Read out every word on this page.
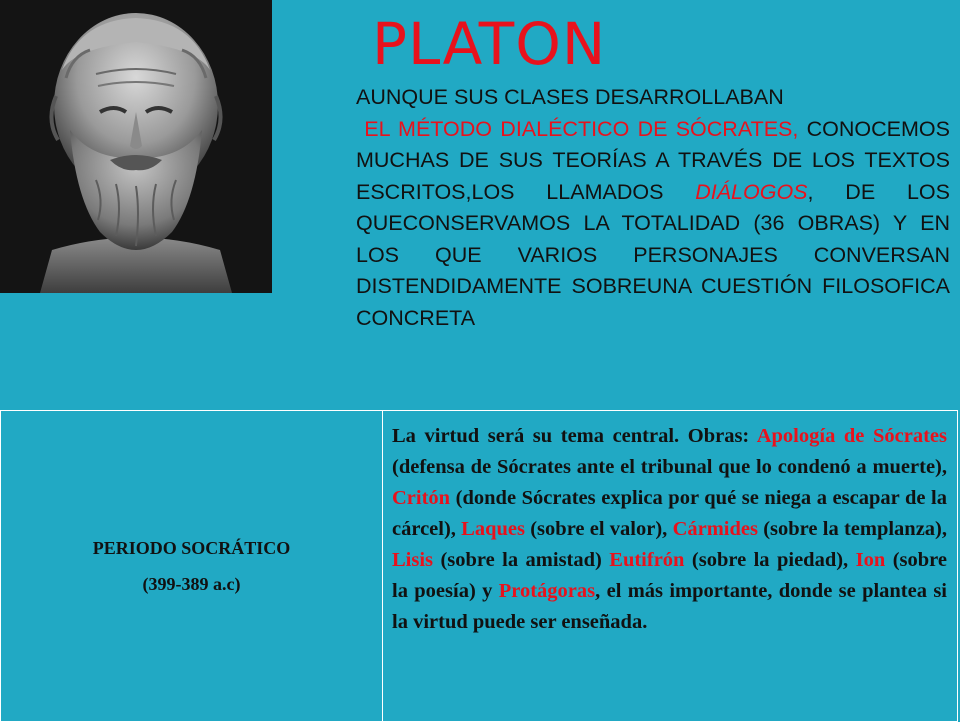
PLATON
AUNQUE SUS CLASES DESARROLLABAN
EL MÉTODO DIALÉCTICO DE SÓCRATES, CONOCEMOS MUCHAS DE SUS TEORÍAS A TRAVÉS DE LOS TEXTOS ESCRITOS,LOS LLAMADOS DIÁLOGOS, DE LOS QUECONSERVAMOS LA TOTALIDAD (36 OBRAS) Y EN LOS QUE VARIOS PERSONAJES CONVERSAN DISTENDIDAMENTE SOBREUNA CUESTIÓN FILOSOFICA CONCRETA
PERIODO SOCRÁTICO
(399-389 a.c)
	La virtud será su tema central. Obras: Apología de Sócrates (defensa de Sócrates ante el tribunal que lo condenó a muerte), Critón (donde Sócrates explica por qué se niega a escapar de la cárcel), Laques (sobre el valor), Cármides (sobre la templanza), Lisis (sobre la amistad) Eutifrón (sobre la piedad), Ion (sobre la poesía) y Protágoras, el más importante, donde se plantea si la virtud puede ser enseñada.
